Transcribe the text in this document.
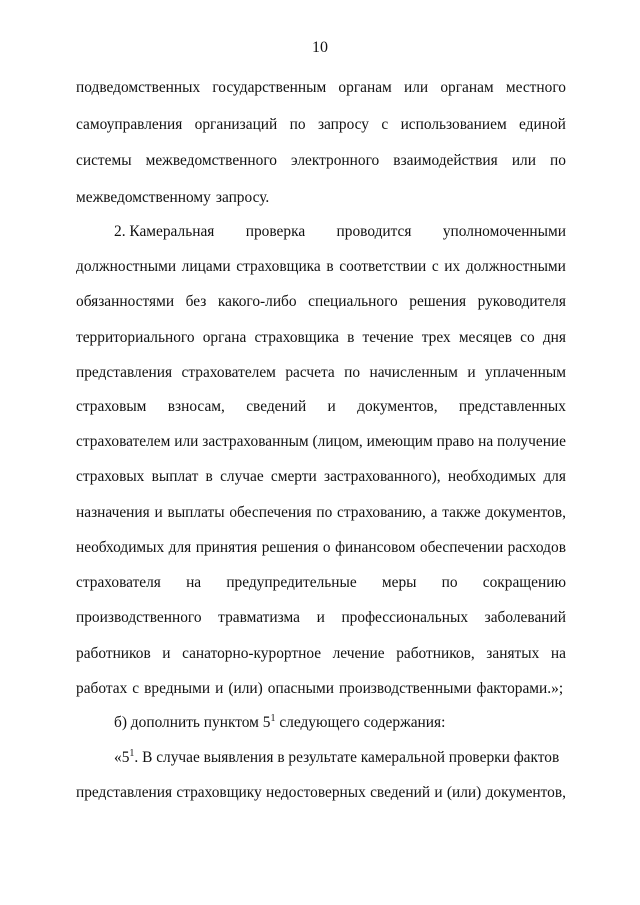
10
подведомственных государственным органам или органам местного
самоуправления организаций по запросу с использованием единой
системы межведомственного электронного взаимодействия или по
межведомственному запросу.
2. Камеральная проверка проводится уполномоченными
должностными лицами страховщика в соответствии с их должностными
обязанностями без какого-либо специального решения руководителя
территориального органа страховщика в течение трех месяцев со дня
представления страхователем расчета по начисленным и уплаченным
страховым взносам, сведений и документов, представленных
страхователем или застрахованным (лицом, имеющим право на получение
страховых выплат в случае смерти застрахованного), необходимых для
назначения и выплаты обеспечения по страхованию, а также документов,
необходимых для принятия решения о финансовом обеспечении расходов
страхователя на предупредительные меры по сокращению
производственного травматизма и профессиональных заболеваний
работников и санаторно-курортное лечение работников, занятых на
работах с вредными и (или) опасными производственными факторами.»;
б) дополнить пунктом $5^1$ следующего содержания:
«$5^1$. В случае выявления в результате камеральной проверки фактов
представления страховщику недостоверных сведений и (или) документов,
